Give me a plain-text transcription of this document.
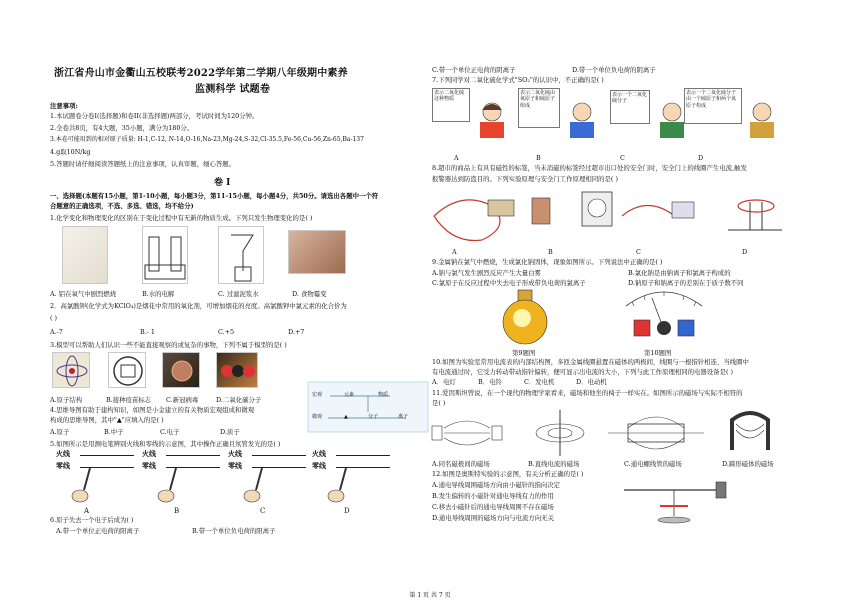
浙江省舟山市金衢山五校联考2022学年第二学期八年级期中素养
监测科学 试题卷
注意事项:
1.本试题卷分卷I(选择题)和卷II(非选择题)两部分，考试时间为120分钟。
2.全卷共8页，有4大题，35小题，满分为180分。
3.本卷可能用到的相对原子质量: H-1,C-12, N-14,O-16,Na-23,Mg-24,S-32,Cl-35.5,Fe-56,Cu-56,Zn-65,Ba-137
4.g取10N/kg
5.答题时请仔细阅读答题纸上的注意事项，认真审题，细心答题。
卷 I
一、选择题(本题有15小题，第1-10小题，每小题3分，第11-15小题，每小题4分，共50分。请选出各题中一个符
合题意的正确选项，不选、多选、错选，均不给分)
1.化学变化和物理变化的区别在于变化过程中有无新的物质生成。下列只发生物理变化的是( )
A. 铝在氧气中剧烈燃烧	B.水的电解	C. 过滤泥浆水	D. 食物霉变
2．高氯酸钾(化学式为KClO₄)是烟花中常用的氧化剂，可增加烟花的亮度。高氯酸钾中氯元素的化合价为
( )
A.-7	B.- 1	C.+5	D.+7
3.模型可以帮助人们认识一些不能直接观察的或复杂的事物，下列不属于模型的是( )
A.原子结构	B.接种疫苗标志 C.新冠病毒	D.二氧化碳分子
4.思维导图有助于建构知识，如图是小金建立的有关物质宏观组成和微观
构成的思维导图，其中"▲"应填入的是( )
A.原子	B.中子	C.电子	D.质子
5.如图所示是用测电笔辨别火线和零线的示意图，其中操作正确且氖管发光的是( )
火线
零线
火线
零线
火线
零线
火线
零线
A	B	C	D
6.原子失去一个电子后成为( )
A.带一个单位正电荷的阳离子	B.带一个单位负电荷的阳离子
宏观	元素	物质
微观	▲	分子	离子
C.带一个单位正电荷的阴离子	D.带一个单位负电荷的阴离子
7.下列同学对二氧化硫化学式"SO₂"的认识中，不正确的是( )
表示二氧化硫这种物质
表示二氧化硫由氧原子和硫原子组成
表示一个二氧化硫分子
表示一个二氧化硫分子由一个硫原子和两个氧原子构成
A	B	C	D
8.超市的商品上有具有磁性的标签，当未消磁的标签经过超市出口处的安全门时，安全门上的线圈产生电流,触发
报警器达到防盗目的。下列实验原理与安全门工作原理相同的是( )
A	B	C	D
9.金属钠在氯气中燃烧，生成氯化钠固体，现象如图所示。下列说法中正确的是( )
A.钠与氯气发生剧烈反应产生大量白雾	B.氯化钠是由钠离子和氯离子构成的
C.氯原子在反应过程中失去电子形成带负电荷的氯离子	D.钠原子和钠离子的差别在于质子数不同
第9题图	第10题图
10.如图为实验室常用电流表的内部结构图，多匝金属线圈悬置在磁体的两极间，线圈与一根指针相连，当线圈中
有电流通过时，它受力转动带动指针偏转，便可显示出电流的大小，下列与此工作原理相同的电器设备是( )
A．电灯	B．电铃	C．发电机	D．电动机
11.爱因斯坦曾说，在一个现代的物理学家看来，磁场和他坐的椅子一样实在。如图所示的磁场与实际不相符的
是( )
A.同名磁极间的磁场	B.直线电流的磁场	C.通电螺线管的磁场	D.蹄形磁体的磁场
12.如图是奥斯特实验的示意图，有关分析正确的是( )
A.通电导线周围磁场方向由小磁针的指向决定
B.发生偏转的小磁针对通电导线有力的作用
C.移去小磁针后的通电导线周围不存在磁场
D.通电导线周围的磁场方向与电流方向无关
第 1 页 共 7 页
